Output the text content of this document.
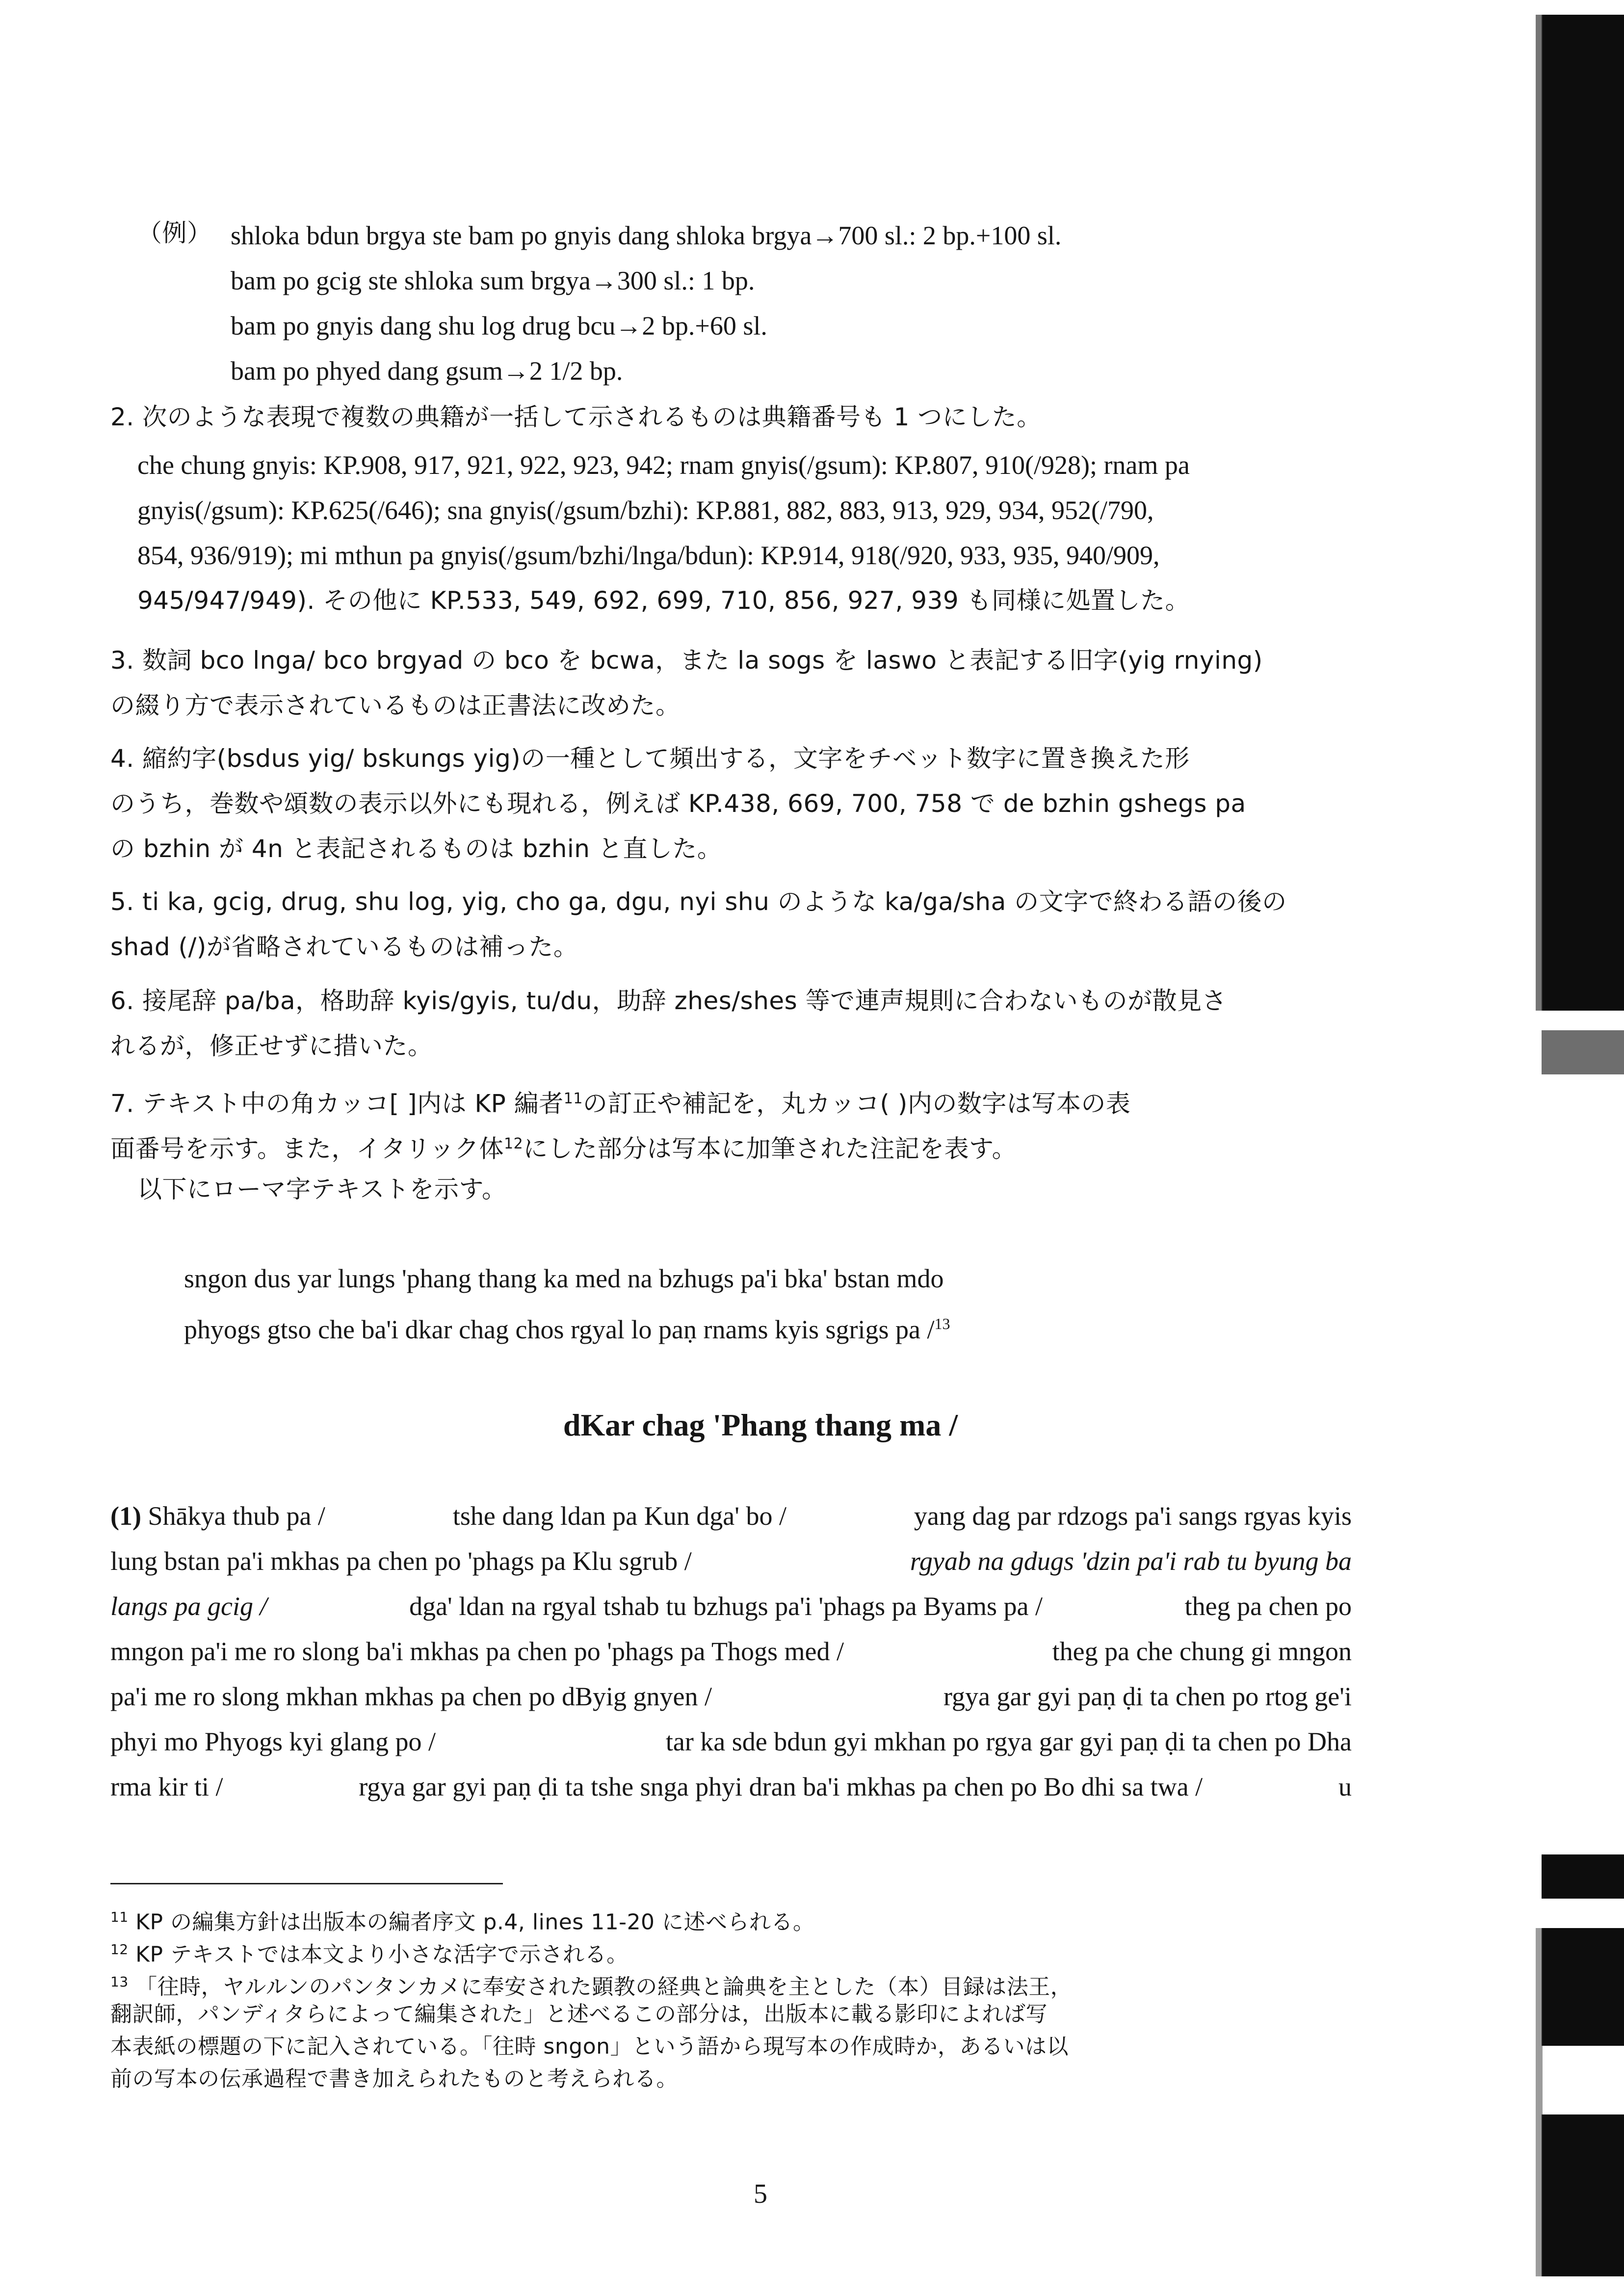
（例） shloka bdun brgya ste bam po gnyis dang shloka brgya→700 sl.: 2 bp.+100 sl.
bam po gcig ste shloka sum brgya→300 sl.: 1 bp.
bam po gnyis dang shu log drug bcu→2 bp.+60 sl.
bam po phyed dang gsum→2 1/2 bp.
2. 次のような表現で複数の典籍が一括して示されるものは典籍番号も 1 つにした。
che chung gnyis: KP.908, 917, 921, 922, 923, 942; rnam gnyis(/gsum): KP.807, 910(/928); rnam pa
gnyis(/gsum): KP.625(/646); sna gnyis(/gsum/bzhi): KP.881, 882, 883, 913, 929, 934, 952(/790,
854, 936/919); mi mthun pa gnyis(/gsum/bzhi/lnga/bdun): KP.914, 918(/920, 933, 935, 940/909,
945/947/949). その他に KP.533, 549, 692, 699, 710, 856, 927, 939 も同様に処置した。
3. 数詞 bco lnga/ bco brgyad の bco を bcwa，また la sogs を laswo と表記する旧字(yig rnying)
の綴り方で表示されているものは正書法に改めた。
4. 縮約字(bsdus yig/ bskungs yig)の一種として頻出する，文字をチベット数字に置き換えた形
のうち，巻数や頌数の表示以外にも現れる，例えば KP.438, 669, 700, 758 で de bzhin gshegs pa
の bzhin が 4n と表記されるものは bzhin と直した。
5. ti ka, gcig, drug, shu log, yig, cho ga, dgu, nyi shu のような ka/ga/sha の文字で終わる語の後の
shad (/)が省略されているものは補った。
6. 接尾辞 pa/ba，格助辞 kyis/gyis, tu/du，助辞 zhes/shes 等で連声規則に合わないものが散見さ
れるが，修正せずに措いた。
7. テキスト中の角カッコ[ ]内は KP 編者$^{11}$の訂正や補記を，丸カッコ( )内の数字は写本の表
面番号を示す。また，イタリック体$^{12}$にした部分は写本に加筆された注記を表す。
以下にローマ字テキストを示す。
sngon dus yar lungs 'phang thang ka med na bzhugs pa'i bka' bstan mdo
phyogs gtso che ba'i dkar chag chos rgyal lo paṇ rnams kyis sgrigs pa /$^{13}$
dKar chag 'Phang thang ma /
(1) Shākya thub pa /	tshe dang ldan pa Kun dga' bo /	yang dag par rdzogs pa'i sangs rgyas kyis
lung bstan pa'i mkhas pa chen po 'phags pa Klu sgrub /	rgyab na gdugs 'dzin pa'i rab tu byung ba
langs pa gcig /	dga' ldan na rgyal tshab tu bzhugs pa'i 'phags pa Byams pa /	theg pa chen po
mngon pa'i me ro slong ba'i mkhas pa chen po 'phags pa Thogs med /	theg pa che chung gi mngon
pa'i me ro slong mkhan mkhas pa chen po dByig gnyen /	rgya gar gyi paṇ ḍi ta chen po rtog ge'i
phyi mo Phyogs kyi glang po /	tar ka sde bdun gyi mkhan po rgya gar gyi paṇ ḍi ta chen po Dha
rma kir ti /	rgya gar gyi paṇ ḍi ta tshe snga phyi dran ba'i mkhas pa chen po Bo dhi sa twa /	u
$^{11}$ KP の編集方針は出版本の編者序文 p.4, lines 11-20 に述べられる。
$^{12}$ KP テキストでは本文より小さな活字で示される。
$^{13}$ 「往時，ヤルルンのパンタンカメに奉安された顕教の経典と論典を主とした（本）目録は法王，
翻訳師，パンディタらによって編集された」と述べるこの部分は，出版本に載る影印によれば写
本表紙の標題の下に記入されている。「往時 sngon」という語から現写本の作成時か，あるいは以
前の写本の伝承過程で書き加えられたものと考えられる。
5
